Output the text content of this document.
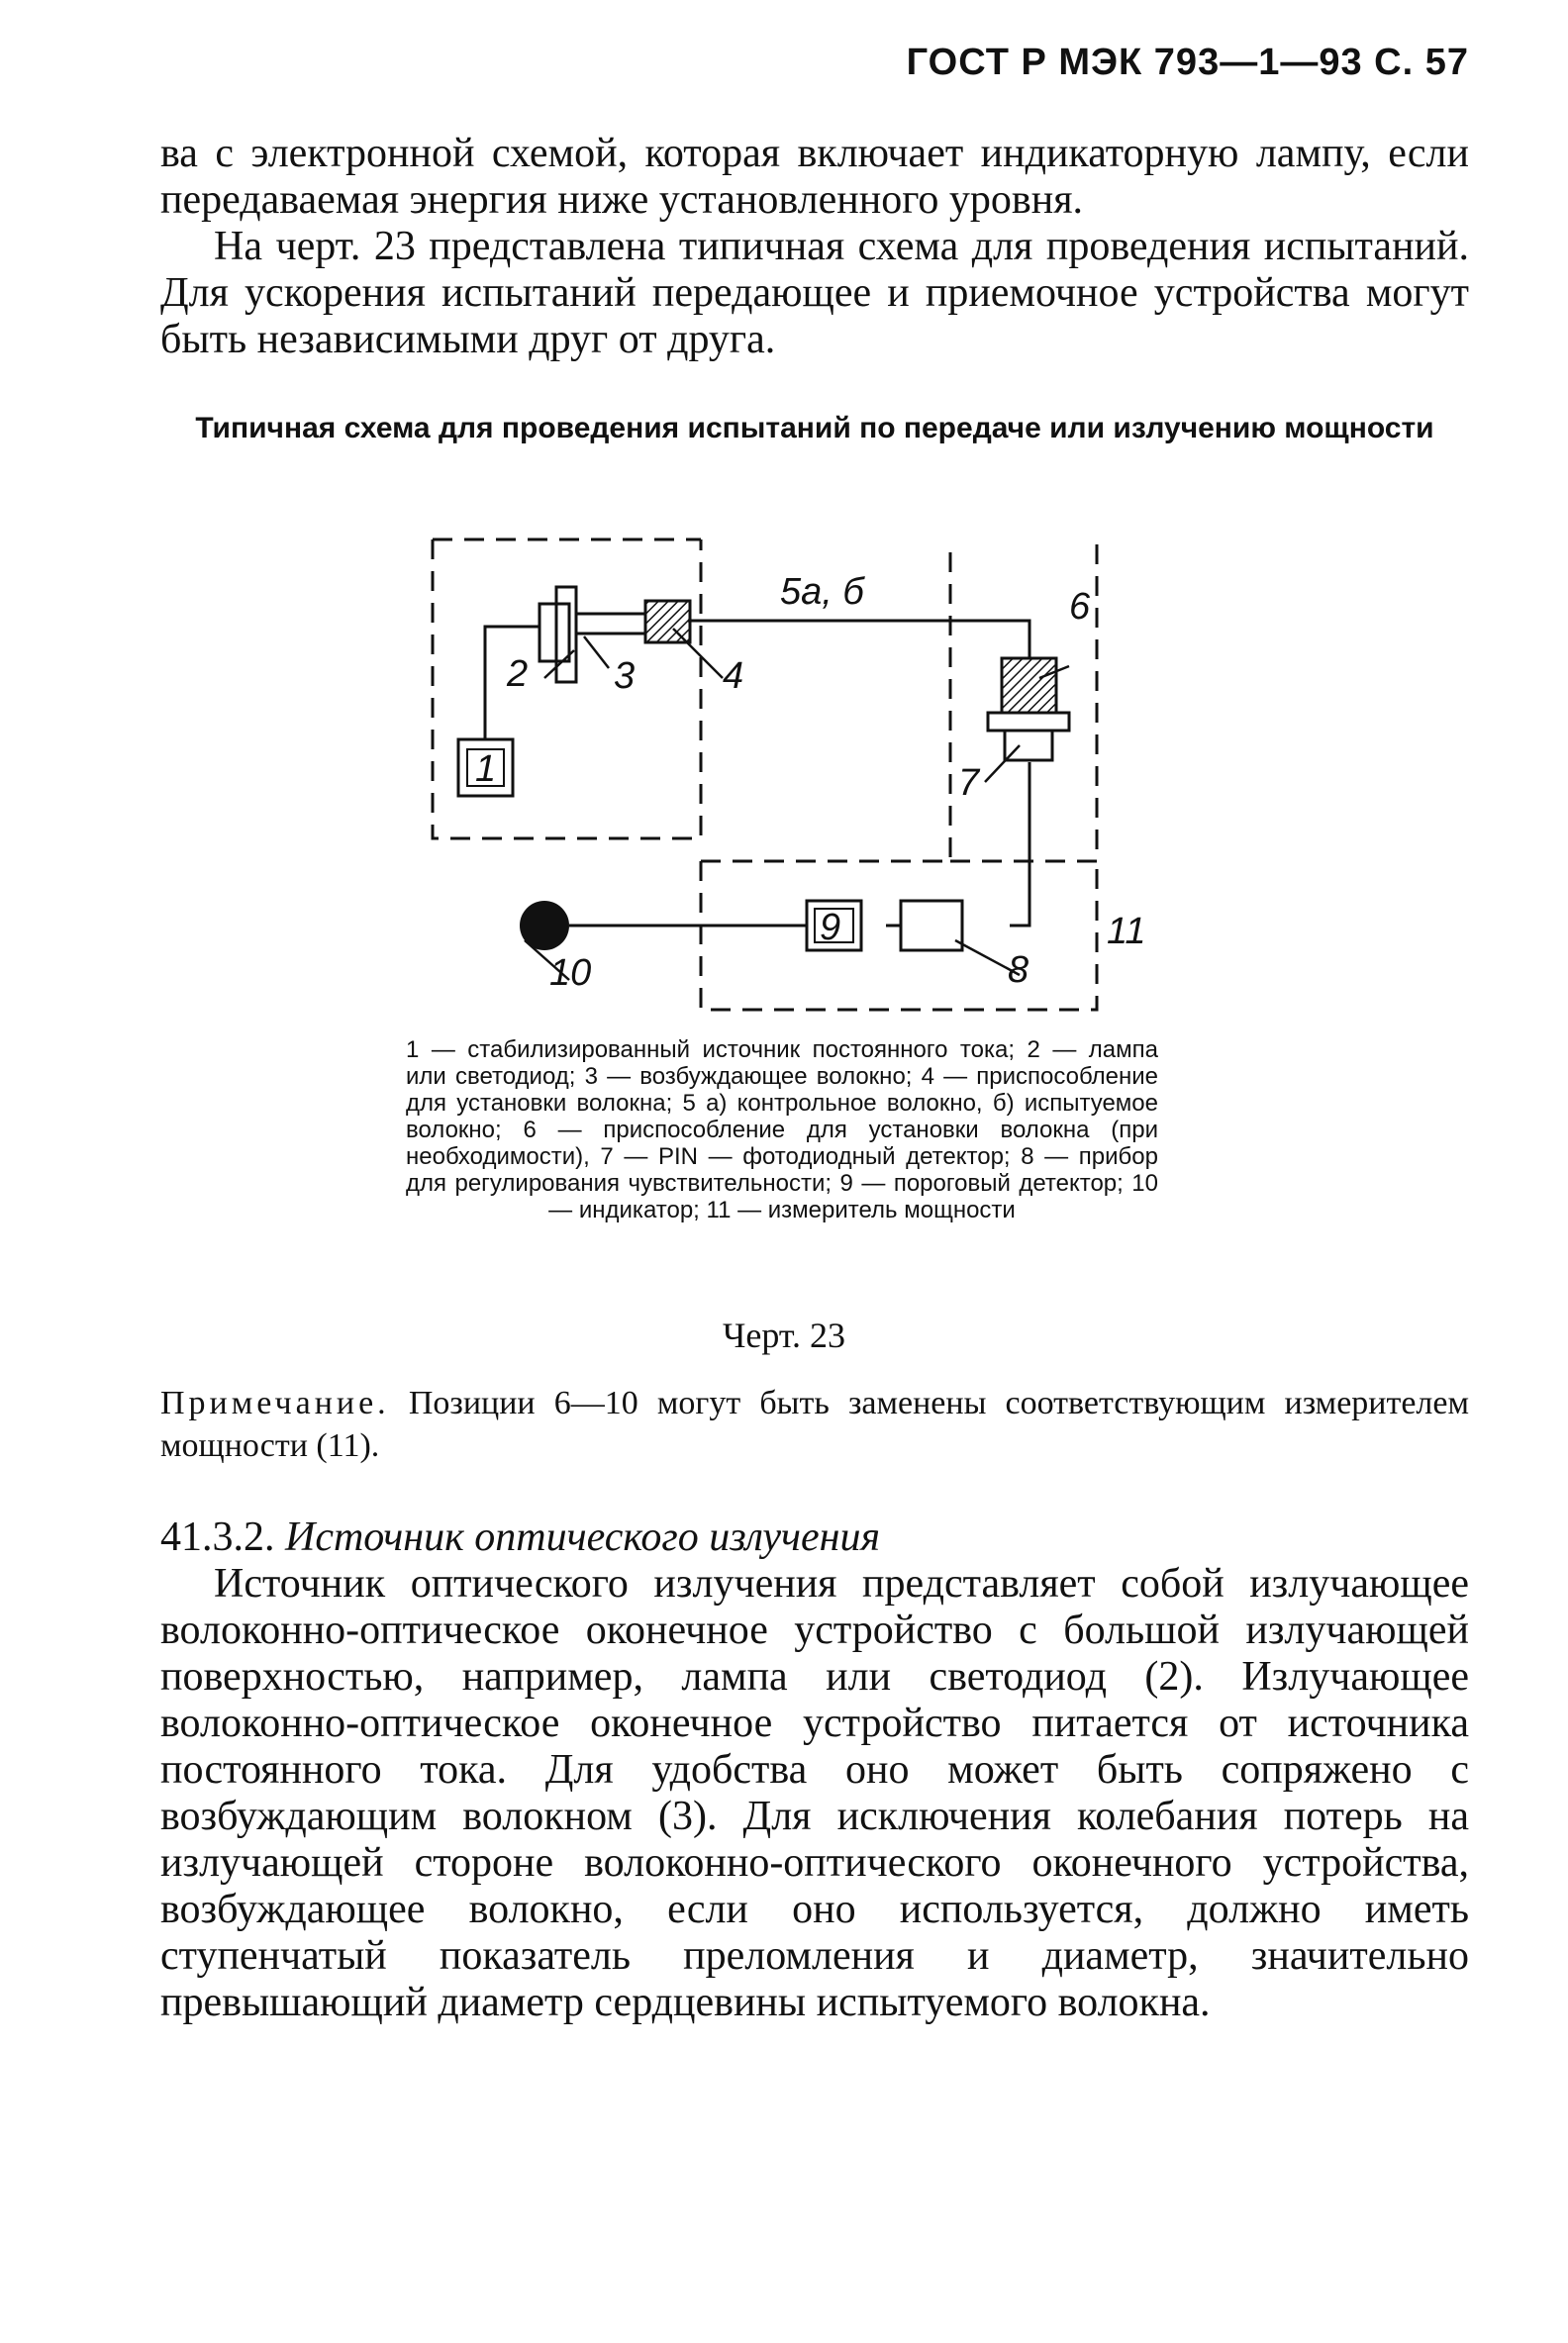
ГОСТ Р МЭК 793—1—93 С. 57

ва с электронной схемой, которая включает индикаторную лампу, если передаваемая энергия ниже установленного уровня.

На черт. 23 представлена типичная схема для проведения испытаний. Для ускорения испытаний передающее и приемочное устройства могут быть независимыми друг от друга.

Типичная схема для проведения испытаний по передаче или излучению мощности
1
2 3 4
5а, б	6
7
8
9
10
11
1 — стабилизированный источник постоянного тока; 2 — лампа или светодиод; 3 — возбуждающее волокно; 4 — приспособление для установки волокна; 5 а) контрольное волокно, б) испытуемое волокно; 6 — приспособление для установки волокна (при необходимости), 7 — PIN — фотодиодный детектор; 8 — прибор для регулирования чувствительности; 9 — пороговый детектор; 10 — индикатор; 11 — измеритель мощности
Черт. 23
Примечание. Позиции 6—10 могут быть заменены соответствующим измерителем мощности (11).
41.3.2. Источник оптического излучения

Источник оптического излучения представляет собой излучающее волоконно-оптическое оконечное устройство с большой излучающей поверхностью, например, лампа или светодиод (2). Излучающее волоконно-оптическое оконечное устройство питается от источника постоянного тока. Для удобства оно может быть сопряжено с возбуждающим волокном (3). Для исключения колебания потерь на излучающей стороне волоконно-оптического оконечного устройства, возбуждающее волокно, если оно используется, должно иметь ступенчатый показатель преломления и диаметр, значительно превышающий диаметр сердцевины испытуемого волокна.
